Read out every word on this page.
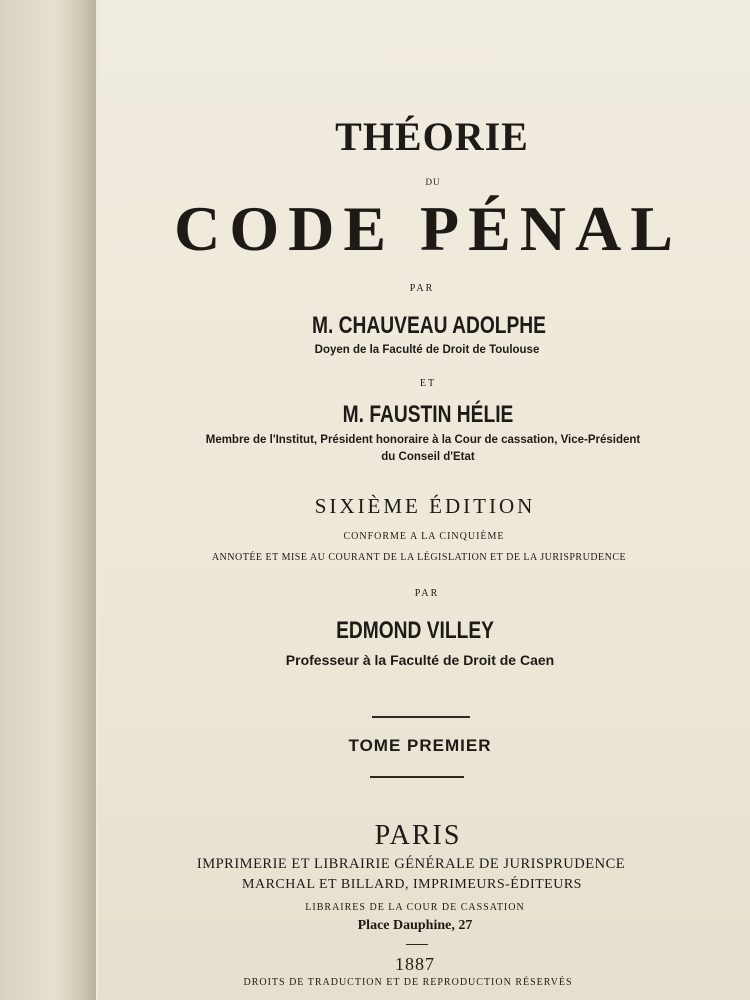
THÉORIE
DU
CODE PÉNAL
PAR
M. CHAUVEAU ADOLPHE
Doyen de la Faculté de Droit de Toulouse
ET
M. FAUSTIN HÉLIE
Membre de l'Institut, Président honoraire à la Cour de cassation, Vice-Président
du Conseil d'Etat
SIXIÈME ÉDITION
CONFORME A LA CINQUIÈME
ANNOTÉE ET MISE AU COURANT DE LA LÉGISLATION ET DE LA JURISPRUDENCE
PAR
EDMOND VILLEY
Professeur à la Faculté de Droit de Caen
TOME PREMIER
PARIS
IMPRIMERIE ET LIBRAIRIE GÉNÉRALE DE JURISPRUDENCE
MARCHAL ET BILLARD, IMPRIMEURS-ÉDITEURS
LIBRAIRES DE LA COUR DE CASSATION
Place Dauphine, 27
1887
DROITS DE TRADUCTION ET DE REPRODUCTION RÉSERVÉS
